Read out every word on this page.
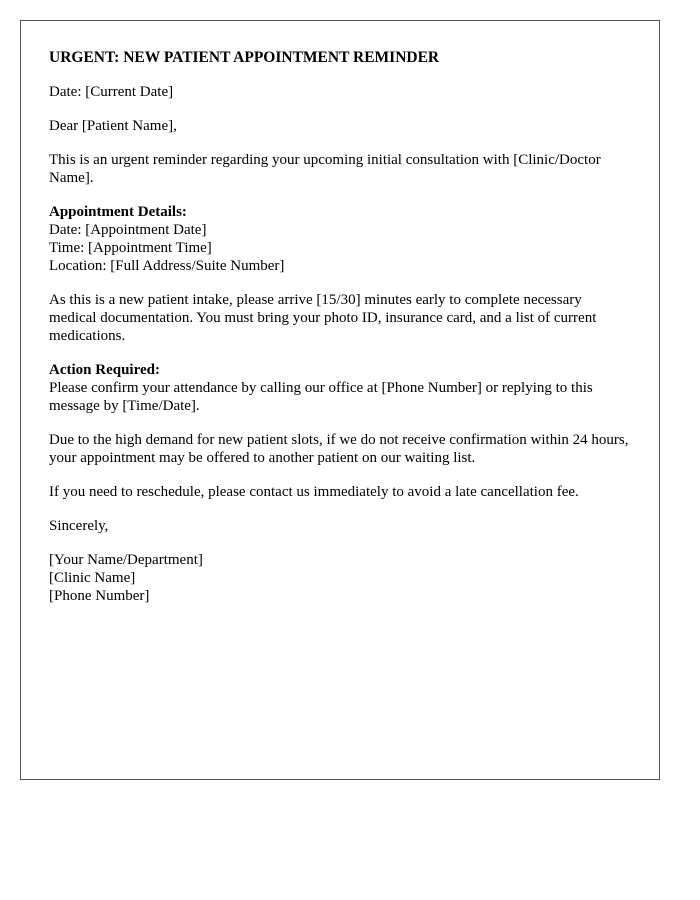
URGENT: NEW PATIENT APPOINTMENT REMINDER

Date: [Current Date]

Dear [Patient Name],

This is an urgent reminder regarding your upcoming initial consultation with [Clinic/Doctor Name].

Appointment Details:
Date: [Appointment Date]
Time: [Appointment Time]
Location: [Full Address/Suite Number]

As this is a new patient intake, please arrive [15/30] minutes early to complete necessary medical documentation. You must bring your photo ID, insurance card, and a list of current medications.

Action Required:
Please confirm your attendance by calling our office at [Phone Number] or replying to this message by [Time/Date].

Due to the high demand for new patient slots, if we do not receive confirmation within 24 hours, your appointment may be offered to another patient on our waiting list.

If you need to reschedule, please contact us immediately to avoid a late cancellation fee.

Sincerely,

[Your Name/Department]
[Clinic Name]
[Phone Number]
